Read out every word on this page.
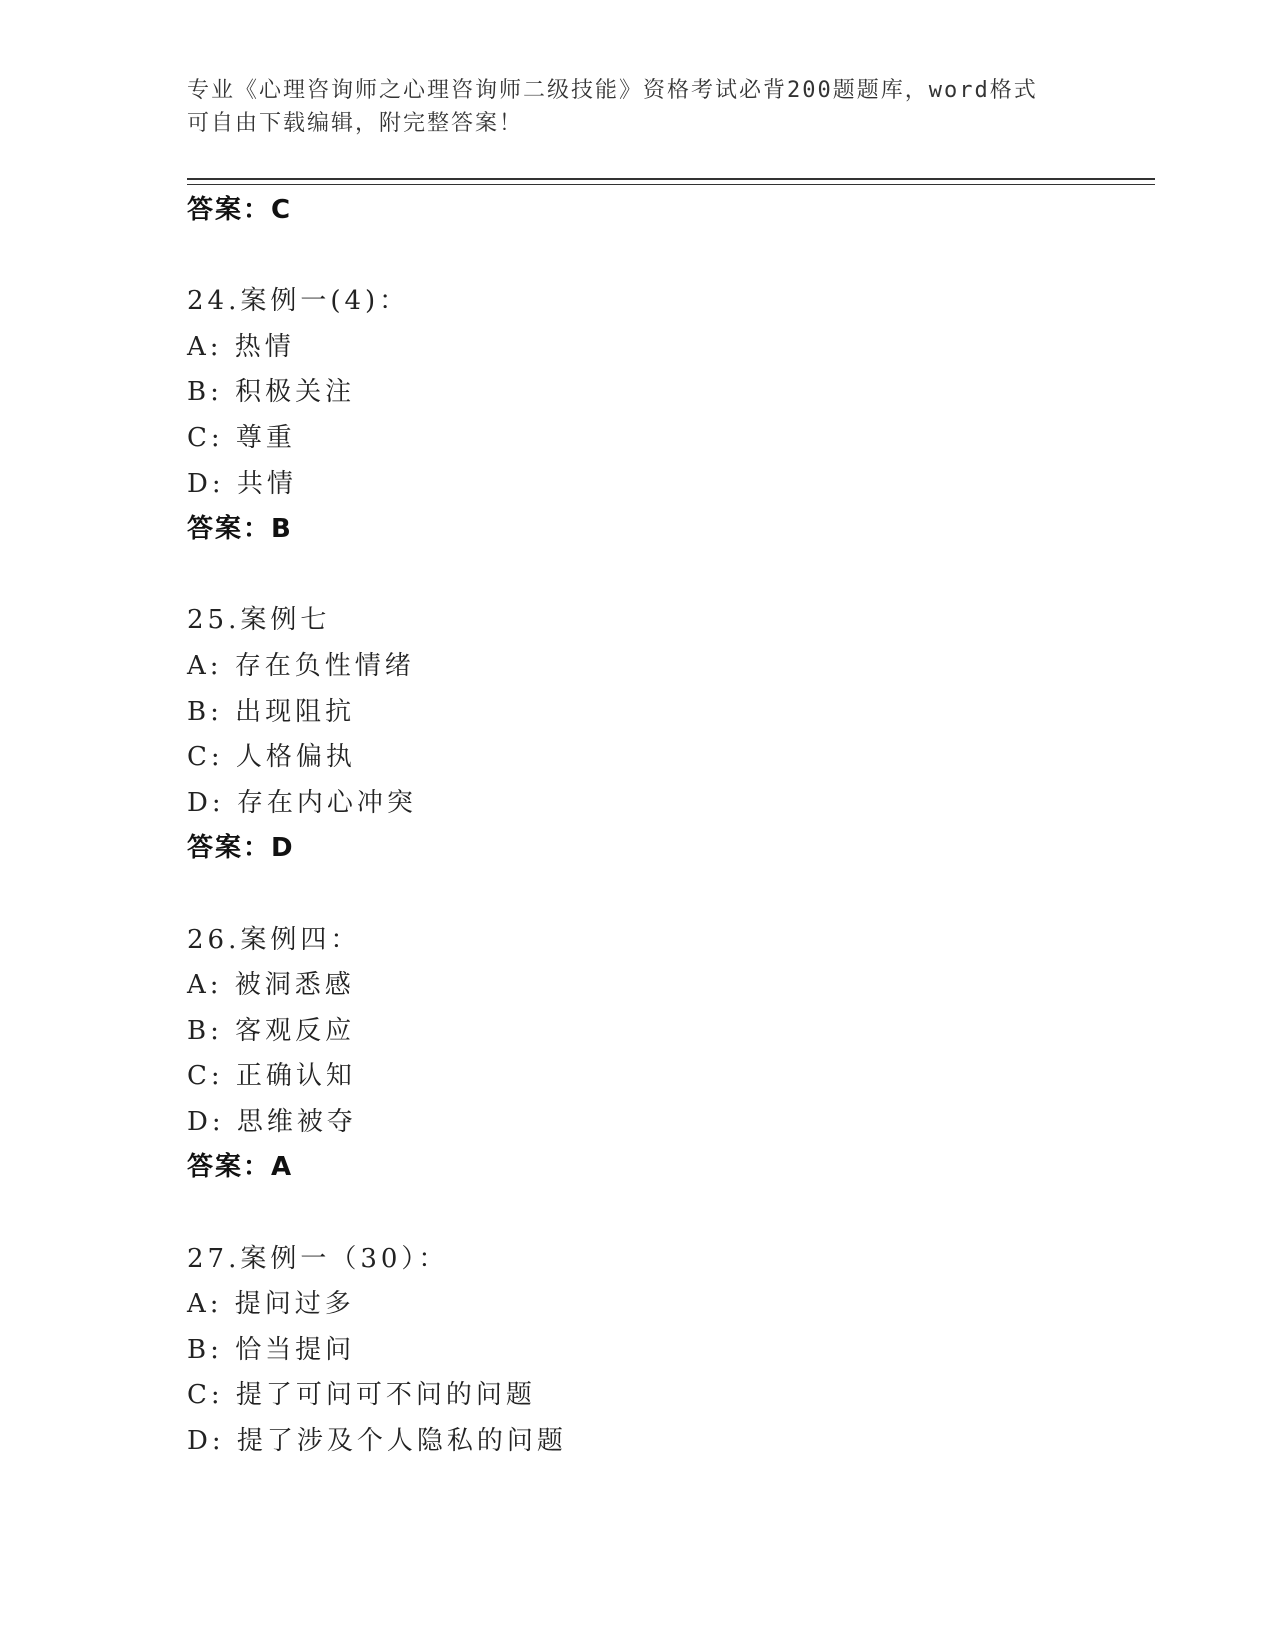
专业《心理咨询师之心理咨询师二级技能》资格考试必背200题题库，word格式
可自由下载编辑，附完整答案！
答案：C
24.案例一(4)：
A: 热情
B: 积极关注
C: 尊重
D: 共情
答案：B
25.案例七
A: 存在负性情绪
B: 出现阻抗
C: 人格偏执
D: 存在内心冲突
答案：D
26.案例四：
A: 被洞悉感
B: 客观反应
C: 正确认知
D: 思维被夺
答案：A
27.案例一（30）：
A: 提问过多
B: 恰当提问
C: 提了可问可不问的问题
D: 提了涉及个人隐私的问题
